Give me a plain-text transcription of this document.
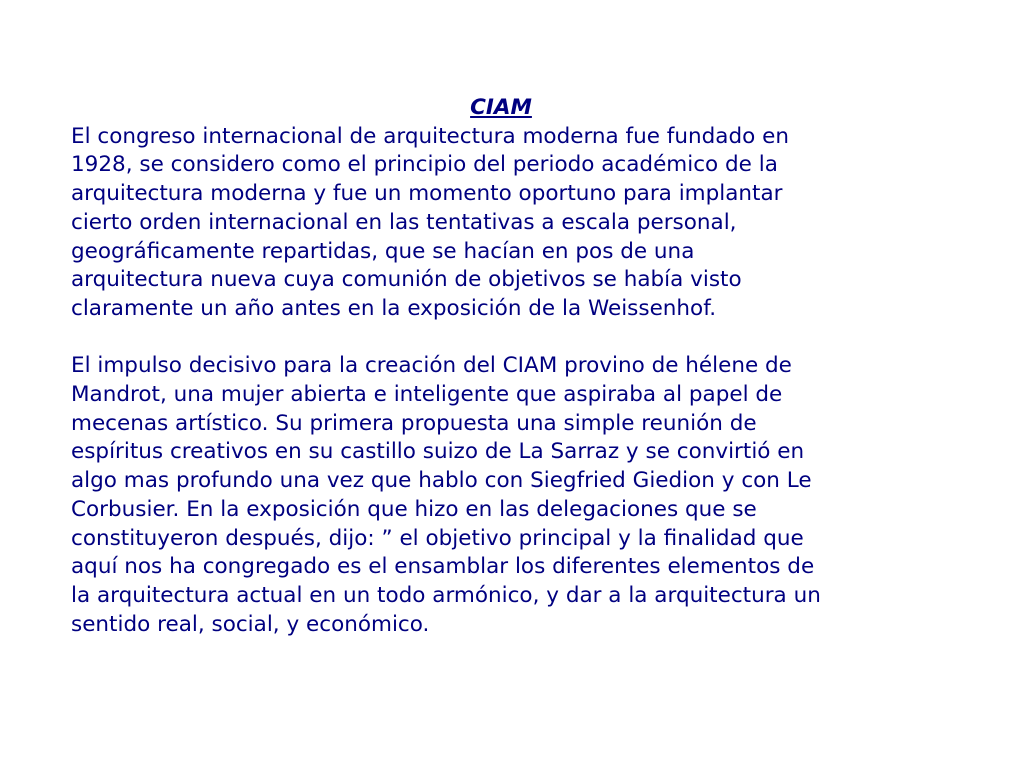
CIAM
El congreso internacional de arquitectura moderna fue fundado en
1928, se considero como el principio del periodo académico de la
arquitectura moderna y fue un momento oportuno para implantar
cierto orden internacional en las tentativas a escala personal,
geográficamente repartidas, que se hacían en pos de una
arquitectura nueva cuya comunión de objetivos se había visto
claramente un año antes en la exposición de la Weissenhof.
El impulso decisivo para la creación del CIAM provino de hélene de
Mandrot, una mujer abierta e inteligente que aspiraba al papel de
mecenas artístico. Su primera propuesta una simple reunión de
espíritus creativos en su castillo suizo de La Sarraz y se convirtió en
algo mas profundo una vez que hablo con Siegfried Giedion y con Le
Corbusier. En la exposición que hizo en las delegaciones que se
constituyeron después, dijo: ” el objetivo principal y la finalidad que
aquí nos ha congregado es el ensamblar los diferentes elementos de
la arquitectura actual en un todo armónico, y dar a la arquitectura un
sentido real, social, y económico.
